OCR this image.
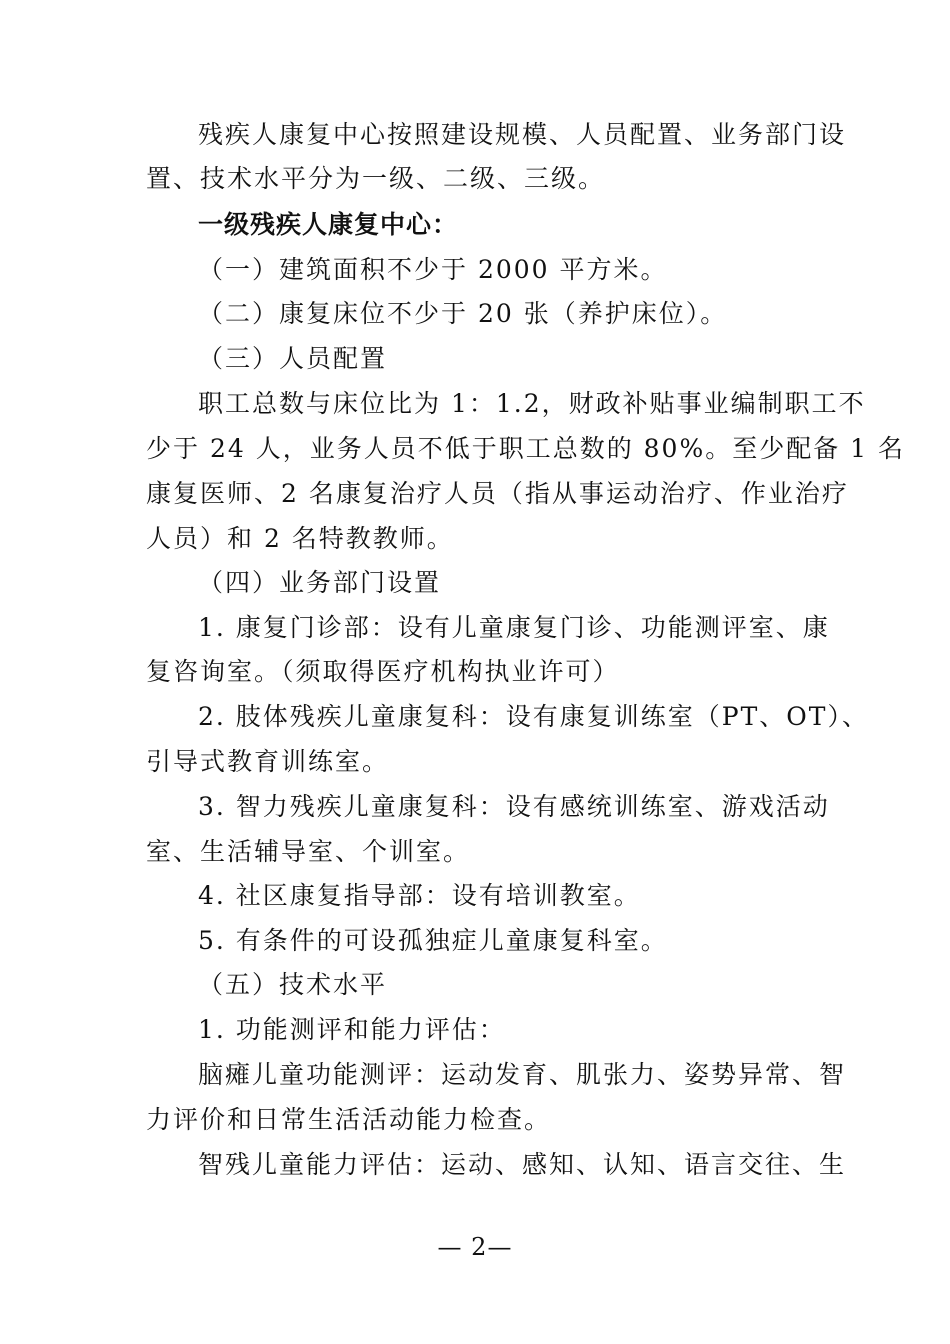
残疾人康复中心按照建设规模、人员配置、业务部门设

置、技术水平分为一级、二级、三级。

一级残疾人康复中心：

（一）建筑面积不少于 2000 平方米。

（二）康复床位不少于 20 张（养护床位）。

（三）人员配置

职工总数与床位比为 1：1.2，财政补贴事业编制职工不

少于 24 人，业务人员不低于职工总数的 80%。至少配备 1 名

康复医师、2 名康复治疗人员（指从事运动治疗、作业治疗

人员）和 2 名特教教师。

（四）业务部门设置

1. 康复门诊部：设有儿童康复门诊、功能测评室、康

复咨询室。（须取得医疗机构执业许可）

2. 肢体残疾儿童康复科：设有康复训练室（PT、OT）、

引导式教育训练室。

3. 智力残疾儿童康复科：设有感统训练室、游戏活动

室、生活辅导室、个训室。

4. 社区康复指导部：设有培训教室。

5. 有条件的可设孤独症儿童康复科室。

（五）技术水平

1. 功能测评和能力评估：

脑瘫儿童功能测评：运动发育、肌张力、姿势异常、智

力评价和日常生活活动能力检查。

智残儿童能力评估：运动、感知、认知、语言交往、生

— 2—
